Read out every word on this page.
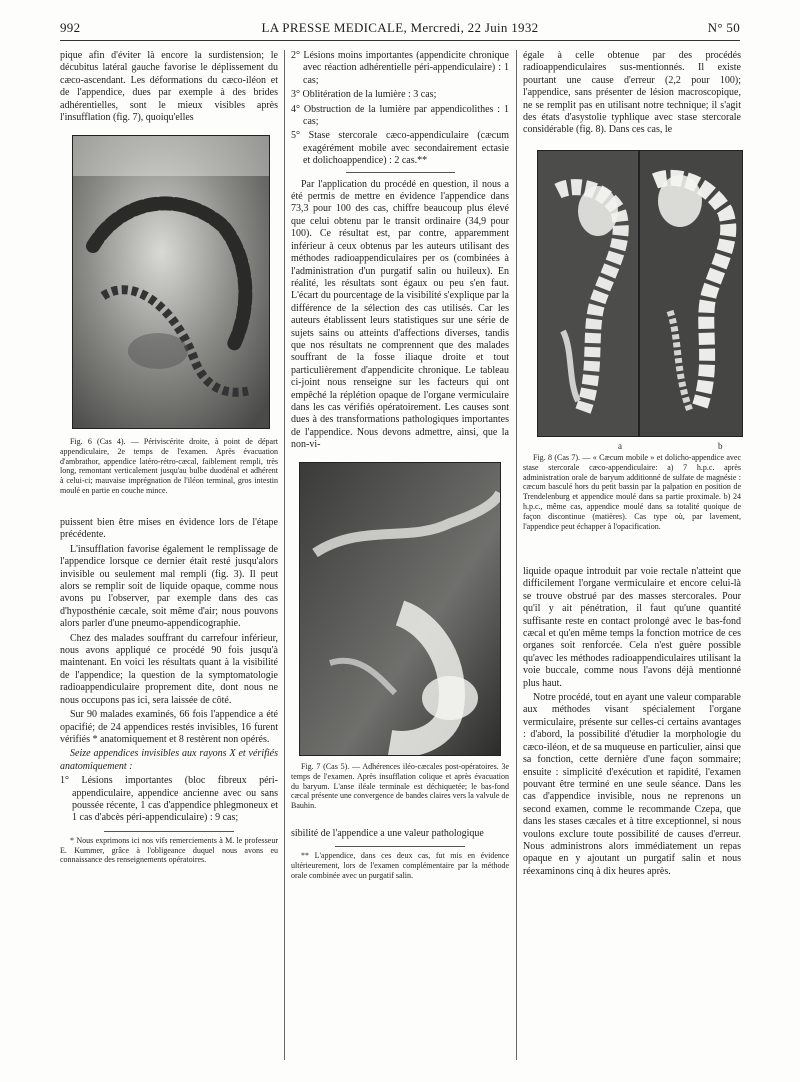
992	LA PRESSE MEDICALE, Mercredi, 22 Juin 1932	N° 50

pique afin d'éviter là encore la surdistension; le décubitus latéral gauche favorise le déplissement du cæco-ascendant. Les déformations du cæco-iléon et de l'appendice, dues par exemple à des brides adhérentielles, sont le mieux visibles après l'insufflation (fig. 7), quoiqu'elles

Fig. 6 (Cas 4). — Périviscérite droite, à point de départ appendiculaire, 2e temps de l'examen. Après évacuation d'ambrathor, appendice latéro-rétro-cæcal, faiblement rempli, très long, remontant verticalement jusqu'au bulbe duodénal et adhérent à celui-ci; mauvaise imprégnation de l'iléon terminal, gros intestin moulé en partie en couche mince.

puissent bien être mises en évidence lors de l'étape précédente.

L'insufflation favorise également le remplissage de l'appendice lorsque ce dernier était resté jusqu'alors invisible ou seulement mal rempli (fig. 3). Il peut alors se remplir soit de liquide opaque, comme nous avons pu l'observer, par exemple dans des cas d'hyposthénie cæcale, soit même d'air; nous pouvons alors parler d'une pneumo-appendicographie.

Chez des malades souffrant du carrefour inférieur, nous avons appliqué ce procédé 90 fois jusqu'à maintenant. En voici les résultats quant à la visibilité de l'appendice; la question de la symptomatologie radioappendiculaire proprement dite, dont nous ne nous occupons pas ici, sera laissée de côté.

Sur 90 malades examinés, 66 fois l'appendice a été opacifié; de 24 appendices restés invisibles, 16 furent vérifiés * anatomiquement et 8 restèrent non opérés.

Seize appendices invisibles aux rayons X et vérifiés anatomiquement :

1° Lésions importantes (bloc fibreux péri-appendiculaire, appendice ancienne avec ou sans poussée récente, 1 cas d'appendice phlegmoneux et 1 cas d'abcès péri-appendiculaire) : 9 cas;

* Nous exprimons ici nos vifs remerciements à M. le professeur E. Kummer, grâce à l'obligeance duquel nous avons eu connaissance des renseignements opératoires.

2° Lésions moins importantes (appendicite chronique avec réaction adhérentielle péri-appendiculaire) : 1 cas;
3° Oblitération de la lumière : 3 cas;
4° Obstruction de la lumière par appendicolithes : 1 cas;
5° Stase stercorale cæco-appendiculaire (cæcum exagérément mobile avec secondairement ectasie et dolichoappendice) : 2 cas.**

Par l'application du procédé en question, il nous a été permis de mettre en évidence l'appendice dans 73,3 pour 100 des cas, chiffre beaucoup plus élevé que celui obtenu par le transit ordinaire (34,9 pour 100). Ce résultat est, par contre, apparemment inférieur à ceux obtenus par les auteurs utilisant des méthodes radioappendiculaires per os (combinées à l'administration d'un purgatif salin ou huileux). En réalité, les résultats sont égaux ou peu s'en faut. L'écart du pourcentage de la visibilité s'explique par la différence de la sélection des cas utilisés. Car les auteurs établissent leurs statistiques sur une série de sujets sains ou atteints d'affections diverses, tandis que nos résultats ne comprennent que des malades souffrant de la fosse iliaque droite et tout particulièrement d'appendicite chronique. Le tableau ci-joint nous renseigne sur les facteurs qui ont empêché la réplétion opaque de l'organe vermiculaire dans les cas vérifiés opératoirement. Les causes sont dues à des transformations pathologiques importantes de l'appendice. Nous devons admettre, ainsi, que la non-vi-

Fig. 7 (Cas 5). — Adhérences iléo-cæcales post-opératoires. 3e temps de l'examen. Après insufflation colique et après évacuation du baryum. L'anse iléale terminale est déchiquetée; le bas-fond cæcal présente une convergence de bandes claires vers la valvule de Bauhin.

sibilité de l'appendice a une valeur pathologique

** L'appendice, dans ces deux cas, fut mis en évidence ultérieurement, lors de l'examen complémentaire par la méthode orale combinée avec un purgatif salin.

égale à celle obtenue par des procédés radioappendiculaires sus-mentionnés. Il existe pourtant une cause d'erreur (2,2 pour 100); l'appendice, sans présenter de lésion macroscopique, ne se remplit pas en utilisant notre technique; il s'agit des états d'asystolie typhlique avec stase stercorale considérable (fig. 8). Dans ces cas, le

a	b

Fig. 8 (Cas 7). — « Cæcum mobile » et dolicho-appendice avec stase stercorale cæco-appendiculaire: a) 7 h.p.c. après administration orale de baryum additionné de sulfate de magnésie : cæcum basculé hors du petit bassin par la palpation en position de Trendelenburg et appendice moulé dans sa partie proximale. b) 24 h.p.c., même cas, appendice moulé dans sa totalité quoique de façon discontinue (matières). Cas type où, par lavement, l'appendice peut échapper à l'opacification.

liquide opaque introduit par voie rectale n'atteint que difficilement l'organe vermiculaire et encore celui-là se trouve obstrué par des masses stercorales. Pour qu'il y ait pénétration, il faut qu'une quantité suffisante reste en contact prolongé avec le bas-fond cæcal et qu'en même temps la fonction motrice de ces organes soit renforcée. Cela n'est guère possible qu'avec les méthodes radioappendiculaires utilisant la voie buccale, comme nous l'avons déjà mentionné plus haut.

Notre procédé, tout en ayant une valeur comparable aux méthodes visant spécialement l'organe vermiculaire, présente sur celles-ci certains avantages : d'abord, la possibilité d'étudier la morphologie du cæco-iléon, et de sa muqueuse en particulier, ainsi que sa fonction, cette dernière d'une façon sommaire; ensuite : simplicité d'exécution et rapidité, l'examen pouvant être terminé en une seule séance. Dans les cas d'appendice invisible, nous ne reprenons un second examen, comme le recommande Czepa, que dans les stases cæcales et à titre exceptionnel, si nous voulons exclure toute possibilité de causes d'erreur. Nous administrons alors immédiatement un repas opaque en y ajoutant un purgatif salin et nous réexaminons cinq à dix heures après.
